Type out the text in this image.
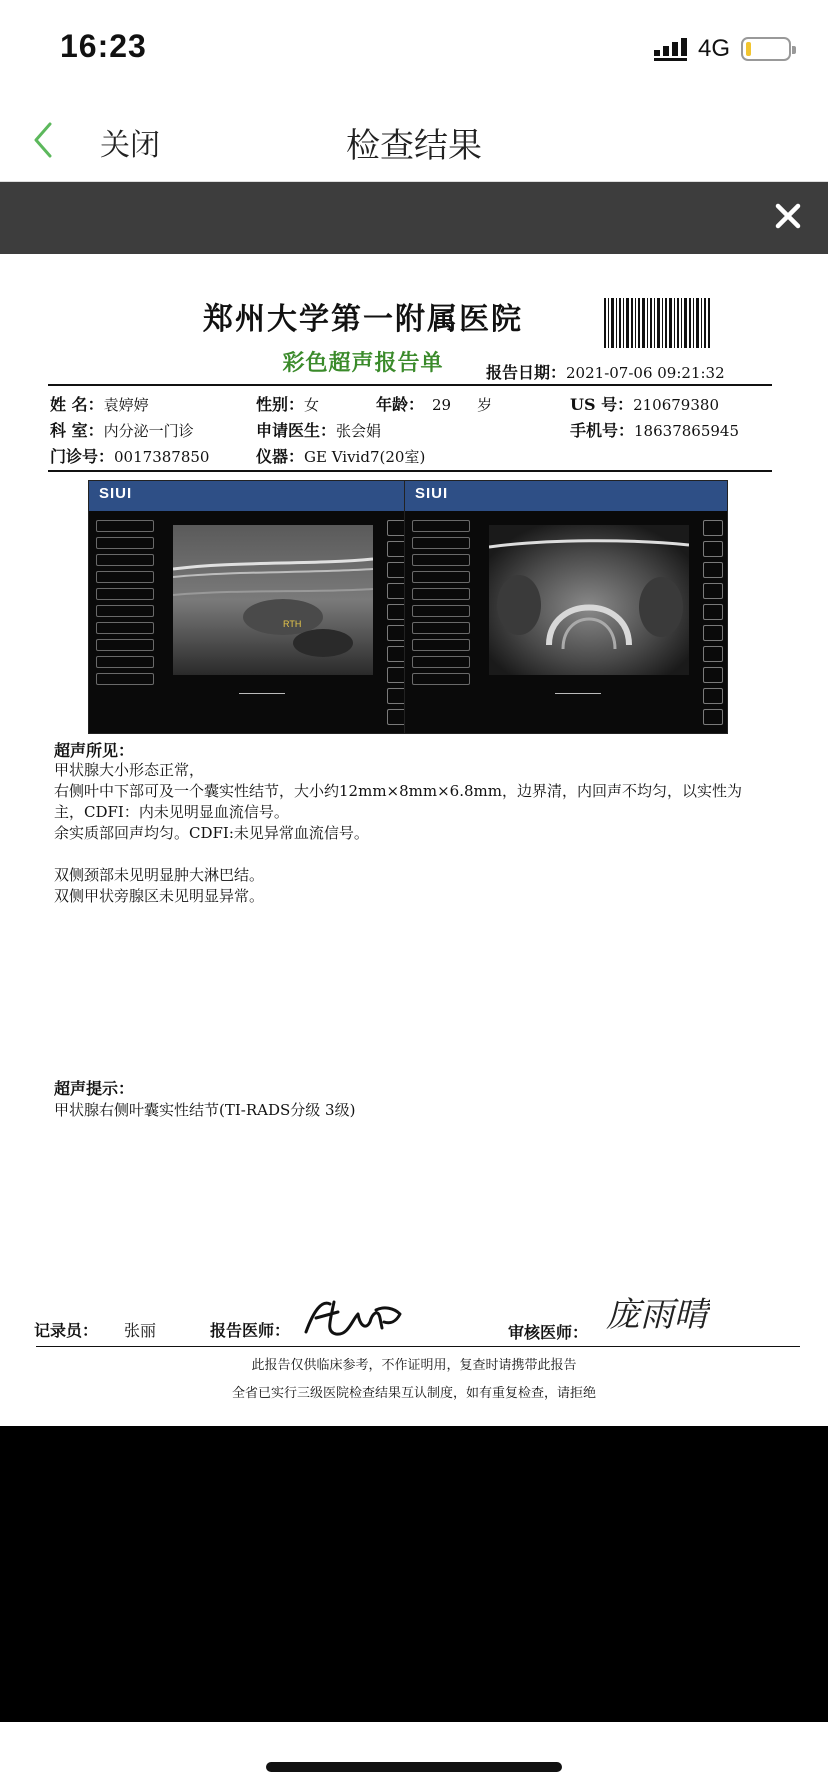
16:23	4G
关闭	检查结果
郑州大学第一附属医院
彩色超声报告单	报告日期：2021-07-06 09:21:32
姓 名：袁婷婷	性别：女	年龄： 29 岁	US 号：210679380
科 室：内分泌一门诊	申请医生：张会娟	手机号：18637865945
门诊号：0017387850	仪器：GE Vivid7(20室)
SIUI
RTH
SIUI
超声所见：
甲状腺大小形态正常，
右侧叶中下部可及一个囊实性结节，大小约12mm×8mm×6.8mm，边界清，内回声不均匀，以实性为主，CDFI：内未见明显血流信号。
余实质部回声均匀。CDFI:未见异常血流信号。
双侧颈部未见明显肿大淋巴结。
双侧甲状旁腺区未见明显异常。
超声提示：
甲状腺右侧叶囊实性结节(TI-RADS分级 3级)
记录员： 张丽	报告医师：	审核医师： 庞雨晴
此报告仅供临床参考，不作证明用，复查时请携带此报告
全省已实行三级医院检查结果互认制度，如有重复检查，请拒绝
